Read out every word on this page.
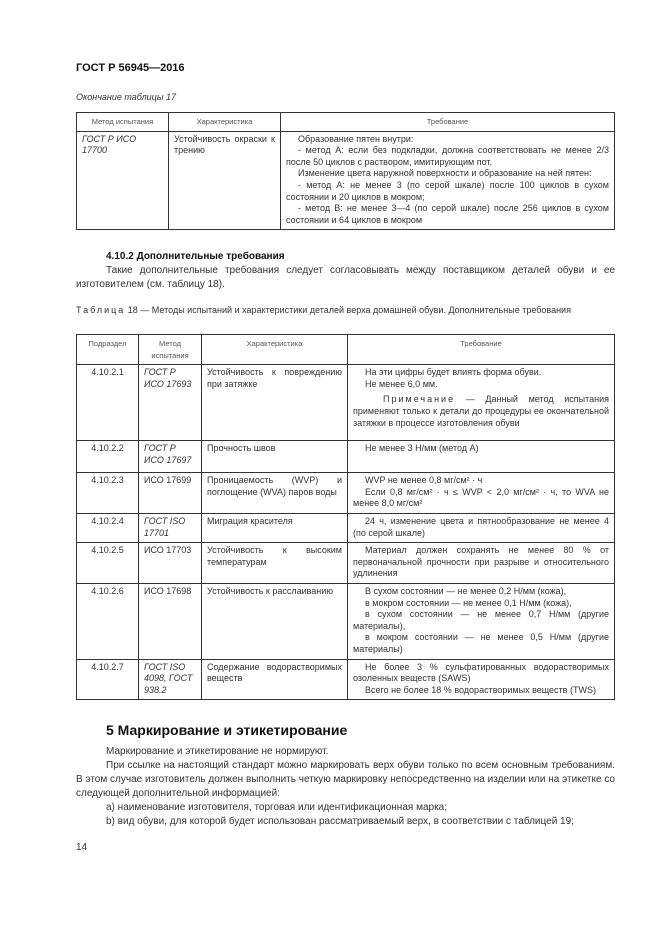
ГОСТ Р 56945—2016
Окончание таблицы 17
Метод испытания	Характеристика	Требование
ГОСТ Р ИСО 17700	Устойчивость окраски к трению	Образование пятен внутри:

- метод А: если без подкладки, должна соответствовать не менее 2/3 после 50 циклов с раствором, имитирующим пот.

Изменение цвета наружной поверхности и образование на ней пятен:

- метод А: не менее 3 (по серой шкале) после 100 циклов в сухом состоянии и 20 циклов в мокром;

- метод В: не менее 3—4 (по серой шкале) после 256 циклов в сухом состоянии и 64 циклов в мокром

4.10.2 Дополнительные требования
Такие дополнительные требования следует согласовывать между поставщиком деталей обуви и ее изготовителем (см. таблицу 18).
Таблица 18 — Методы испытаний и характеристики деталей верха домашней обуви. Дополнительные требования
Подраздел	Метод испытания	Характеристика	Требование
4.10.2.1	ГОСТ Р ИСО 17693	Устойчивость к повреждению при затяжке	На эти цифры будет влиять форма обуви.

Не менее 6,0 мм.

Примечание — Данный метод испытания применяют только к детали до процедуры ее окончательной затяжки в процессе изготовления обуви

4.10.2.2	ГОСТ Р ИСО 17697	Прочность швов	Не менее 3 Н/мм (метод А)

4.10.2.3	ИСО 17699	Проницаемость (WVP) и поглощение (WVA) паров воды	WVP не менее 0,8 мг/см² · ч

Если 0,8 мг/см² · ч ≤ WVP < 2,0 мг/см² · ч, то WVA не менее 8,0 мг/см²

4.10.2.4	ГОСТ ISO 17701	Миграция красителя	24 ч, изменение цвета и пятнообразование не менее 4 (по серой шкале)

4.10.2.5	ИСО 17703	Устойчивость к высоким температурам	Материал должен сохранять не менее 80 % от первоначальной прочности при разрыве и относительного удлинения

4.10.2.6	ИСО 17698	Устойчивость к расслаиванию	В сухом состоянии — не менее 0,2 Н/мм (кожа),

в мокром состоянии — не менее 0,1 Н/мм (кожа),

в сухом состоянии — не менее 0,7 Н/мм (другие материалы),

в мокром состоянии — не менее 0,5 Н/мм (другие материалы)

4.10.2.7	ГОСТ ISO 4098, ГОСТ 938.2	Содержание водорастворимых веществ	Не более 3 % сульфатированных водорастворимых озоленных веществ (SAWS)

Всего не более 18 % водорастворимых веществ (TWS)

5 Маркирование и этикетирование

Маркирование и этикетирование не нормируют.

При ссылке на настоящий стандарт можно маркировать верх обуви только по всем основным требованиям. В этом случае изготовитель должен выполнить четкую маркировку непосредственно на изделии или на этикетке со следующей дополнительной информацией:

a) наименование изготовителя, торговая или идентификационная марка;

b) вид обуви, для которой будет использован рассматриваемый верх, в соответствии с таблицей 19;

14
